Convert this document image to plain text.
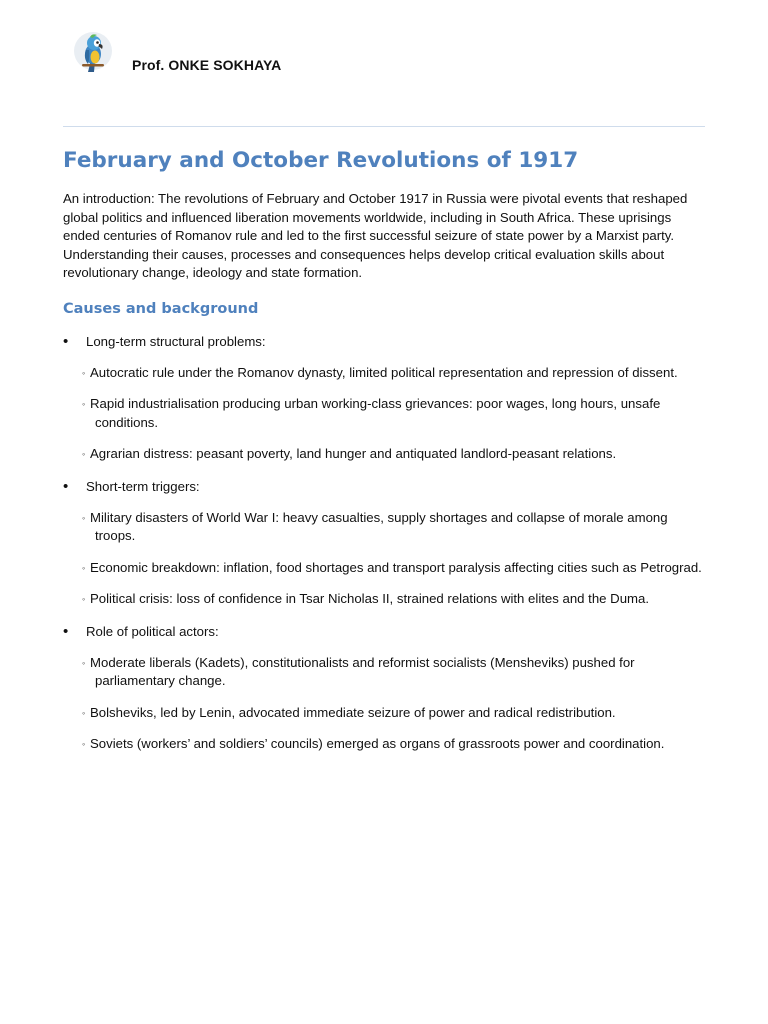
Prof. ONKE SOKHAYA
February and October Revolutions of 1917

An introduction: The revolutions of February and October 1917 in Russia were pivotal events that reshaped global politics and influenced liberation movements worldwide, including in South Africa. These uprisings ended centuries of Romanov rule and led to the first successful seizure of state power by a Marxist party. Understanding their causes, processes and consequences helps develop critical evaluation skills about revolutionary change, ideology and state formation.

Causes and background
• Long-term structural problems:
◦ Autocratic rule under the Romanov dynasty, limited political representation and repression of dissent.
◦ Rapid industrialisation producing urban working-class grievances: poor wages, long hours, unsafe conditions.
◦ Agrarian distress: peasant poverty, land hunger and antiquated landlord-peasant relations.
• Short-term triggers:
◦ Military disasters of World War I: heavy casualties, supply shortages and collapse of morale among troops.
◦ Economic breakdown: inflation, food shortages and transport paralysis affecting cities such as Petrograd.
◦ Political crisis: loss of confidence in Tsar Nicholas II, strained relations with elites and the Duma.
• Role of political actors:
◦ Moderate liberals (Kadets), constitutionalists and reformist socialists (Mensheviks) pushed for parliamentary change.
◦ Bolsheviks, led by Lenin, advocated immediate seizure of power and radical redistribution.
◦ Soviets (workers’ and soldiers’ councils) emerged as organs of grassroots power and coordination.
